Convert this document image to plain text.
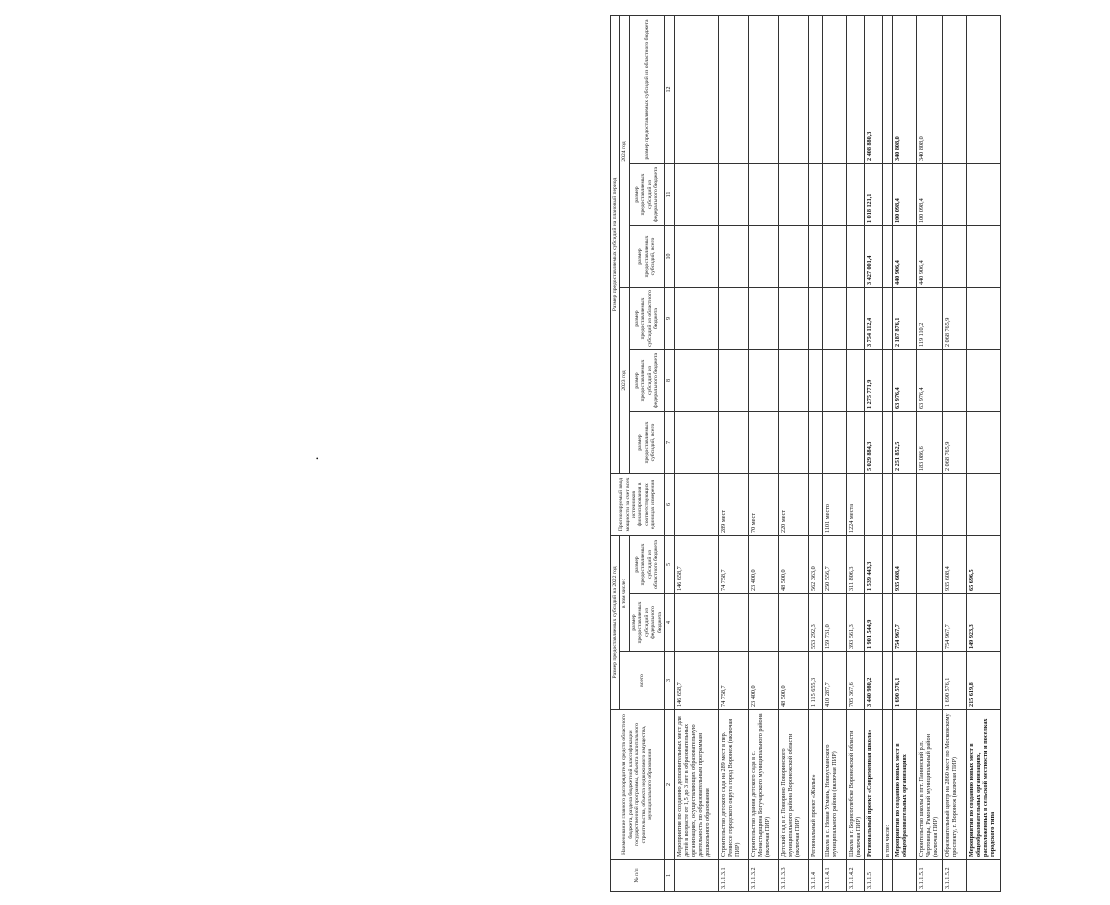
•
№ п/п	Наименование главного распорядителя средств областного бюджета, раздела бюджетной классификации государственной программы, объекта капитального строительства, объекта недвижимого имущества, муниципального образования	Размер предоставляемых субсидий на 2022 год			Прогнозируемый ввод мощности за счет всех источников финансирования в соответствующих единицах измерения	Размер предоставляемых субсидий на плановый период					
		всего	в том числе:			2023 год			2024 год		
			размер предоставляемых субсидий из федерального бюджета	размер предоставляемых субсидий из областного бюджета		размер предоставляемых субсидий, всего	размер предоставляемых субсидий из федерального бюджета	размер предоставляемых субсидий из областного бюджета	размер предоставляемых субсидий, всего	размер предоставляемых субсидий из федерального бюджета	размер предоставляемых субсидий из областного бюджета
1	2	3	4	5	6	7	8	9	10	11	12
	Мероприятия по созданию дополнительных мест для детей в возрасте от 1,5 до 3 лет в образовательных организациях, осуществляющих образовательную деятельность по образовательным программам дошкольного образования	146 658,7		146 658,7							
3.1.1.3.1	Строительство детского сада на 289 мест в пер. Ремиссе городского округа город Воронеж (включая ПИР)	74 758,7		74 758,7	289 мест						
3.1.1.3.2	Строительство здания детского сада в с. Монастырщина Богучарского муниципального района (включая ПИР)	23 400,0		23 400,0	70 мест						
3.1.1.3.3	Детский сад в г. Поворино Поворинского муниципального района Воронежской области (включая ПИР)	48 500,0		48 500,0	220 мест						
3.1.1.4	Региональный проект «Жилье»	1 115 655,3	553 292,3	562 363,0							
3.1.1.4.1	Школа в с. Новая Усмань, Новоусманского муниципального района (включая ПИР)	410 287,7	159 731,0	250 556,7	1101 место						
3.1.1.4.2	Школа в г. Борисоглебске Воронежской области (включая ПИР)	705 367,6	393 561,3	311 806,3	1224 места						
3.1.1.5	Региональный проект «Современная школа»	3 440 980,2	1 901 544,9	1 539 443,3		5 029 884,3	1 275 771,9	3 754 112,4	3 427 001,4	1 018 121,1	2 408 880,3
	в том числе:										
	Мероприятия по созданию новых мест в общеобразовательных организациях	1 690 576,1	754 967,7	935 608,4		2 251 852,5	63 976,4	2 187 876,1	440 906,4	100 098,4	340 808,0
3.1.1.5.1	Строительство школы в пгт. Панинский р.п. Чертовицы, Рамонский муниципальный район (включая ПИР)					183 086,6	63 976,4	119 110,2	440 906,4	100 098,4	340 808,0
3.1.1.5.2	Образовательный центр на 2860 мест по Московскому проспекту, г. Воронеж (включая ПИР)	1 690 576,1	754 967,7	935 608,4		2 068 765,9		2 068 765,9			
	Мероприятия по созданию новых мест в общеобразовательных организациях, расположенных в сельской местности и поселках городского типа	215 619,8	149 923,3	65 696,5							
